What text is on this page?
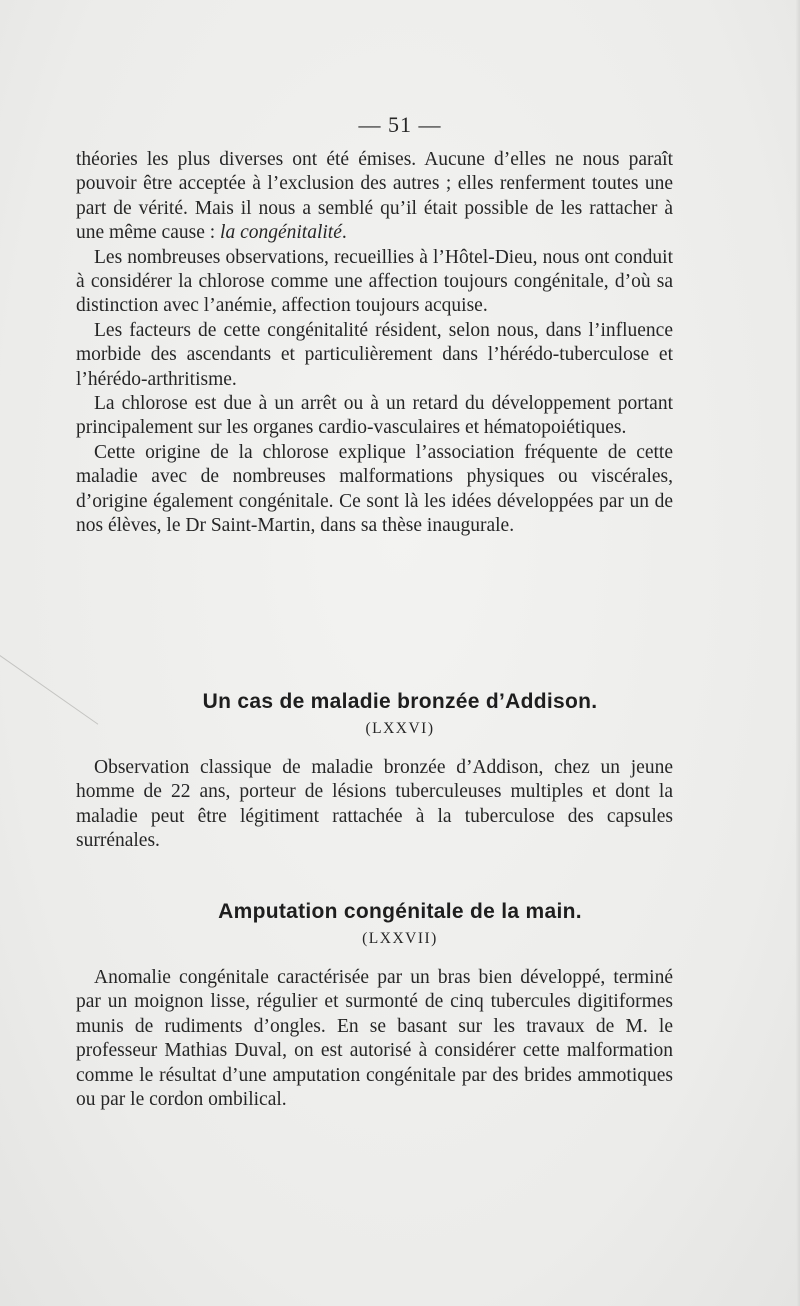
— 51 —

théories les plus diverses ont été émises. Aucune d’elles ne nous paraît pouvoir être acceptée à l’exclusion des autres ; elles renferment toutes une part de vérité. Mais il nous a semblé qu’il était possible de les rattacher à une même cause : la congénitalité.

Les nombreuses observations, recueillies à l’Hôtel-Dieu, nous ont conduit à considérer la chlorose comme une affection toujours congénitale, d’où sa distinction avec l’anémie, affection toujours acquise.

Les facteurs de cette congénitalité résident, selon nous, dans l’influence morbide des ascendants et particulièrement dans l’hérédo-tuberculose et l’hérédo-arthritisme.

La chlorose est due à un arrêt ou à un retard du développement portant principalement sur les organes cardio-vasculaires et hématopoiétiques.

Cette origine de la chlorose explique l’association fréquente de cette maladie avec de nombreuses malformations physiques ou viscérales, d’origine également congénitale. Ce sont là les idées développées par un de nos élèves, le Dr Saint-Martin, dans sa thèse inaugurale.

Un cas de maladie bronzée d’Addison.
(LXXVI)

Observation classique de maladie bronzée d’Addison, chez un jeune homme de 22 ans, porteur de lésions tuberculeuses multiples et dont la maladie peut être légitiment rattachée à la tuberculose des capsules surrénales.

Amputation congénitale de la main.
(LXXVII)

Anomalie congénitale caractérisée par un bras bien développé, terminé par un moignon lisse, régulier et surmonté de cinq tubercules digitiformes munis de rudiments d’ongles. En se basant sur les travaux de M. le professeur Mathias Duval, on est autorisé à considérer cette malformation comme le résultat d’une amputation congénitale par des brides ammotiques ou par le cordon ombilical.
